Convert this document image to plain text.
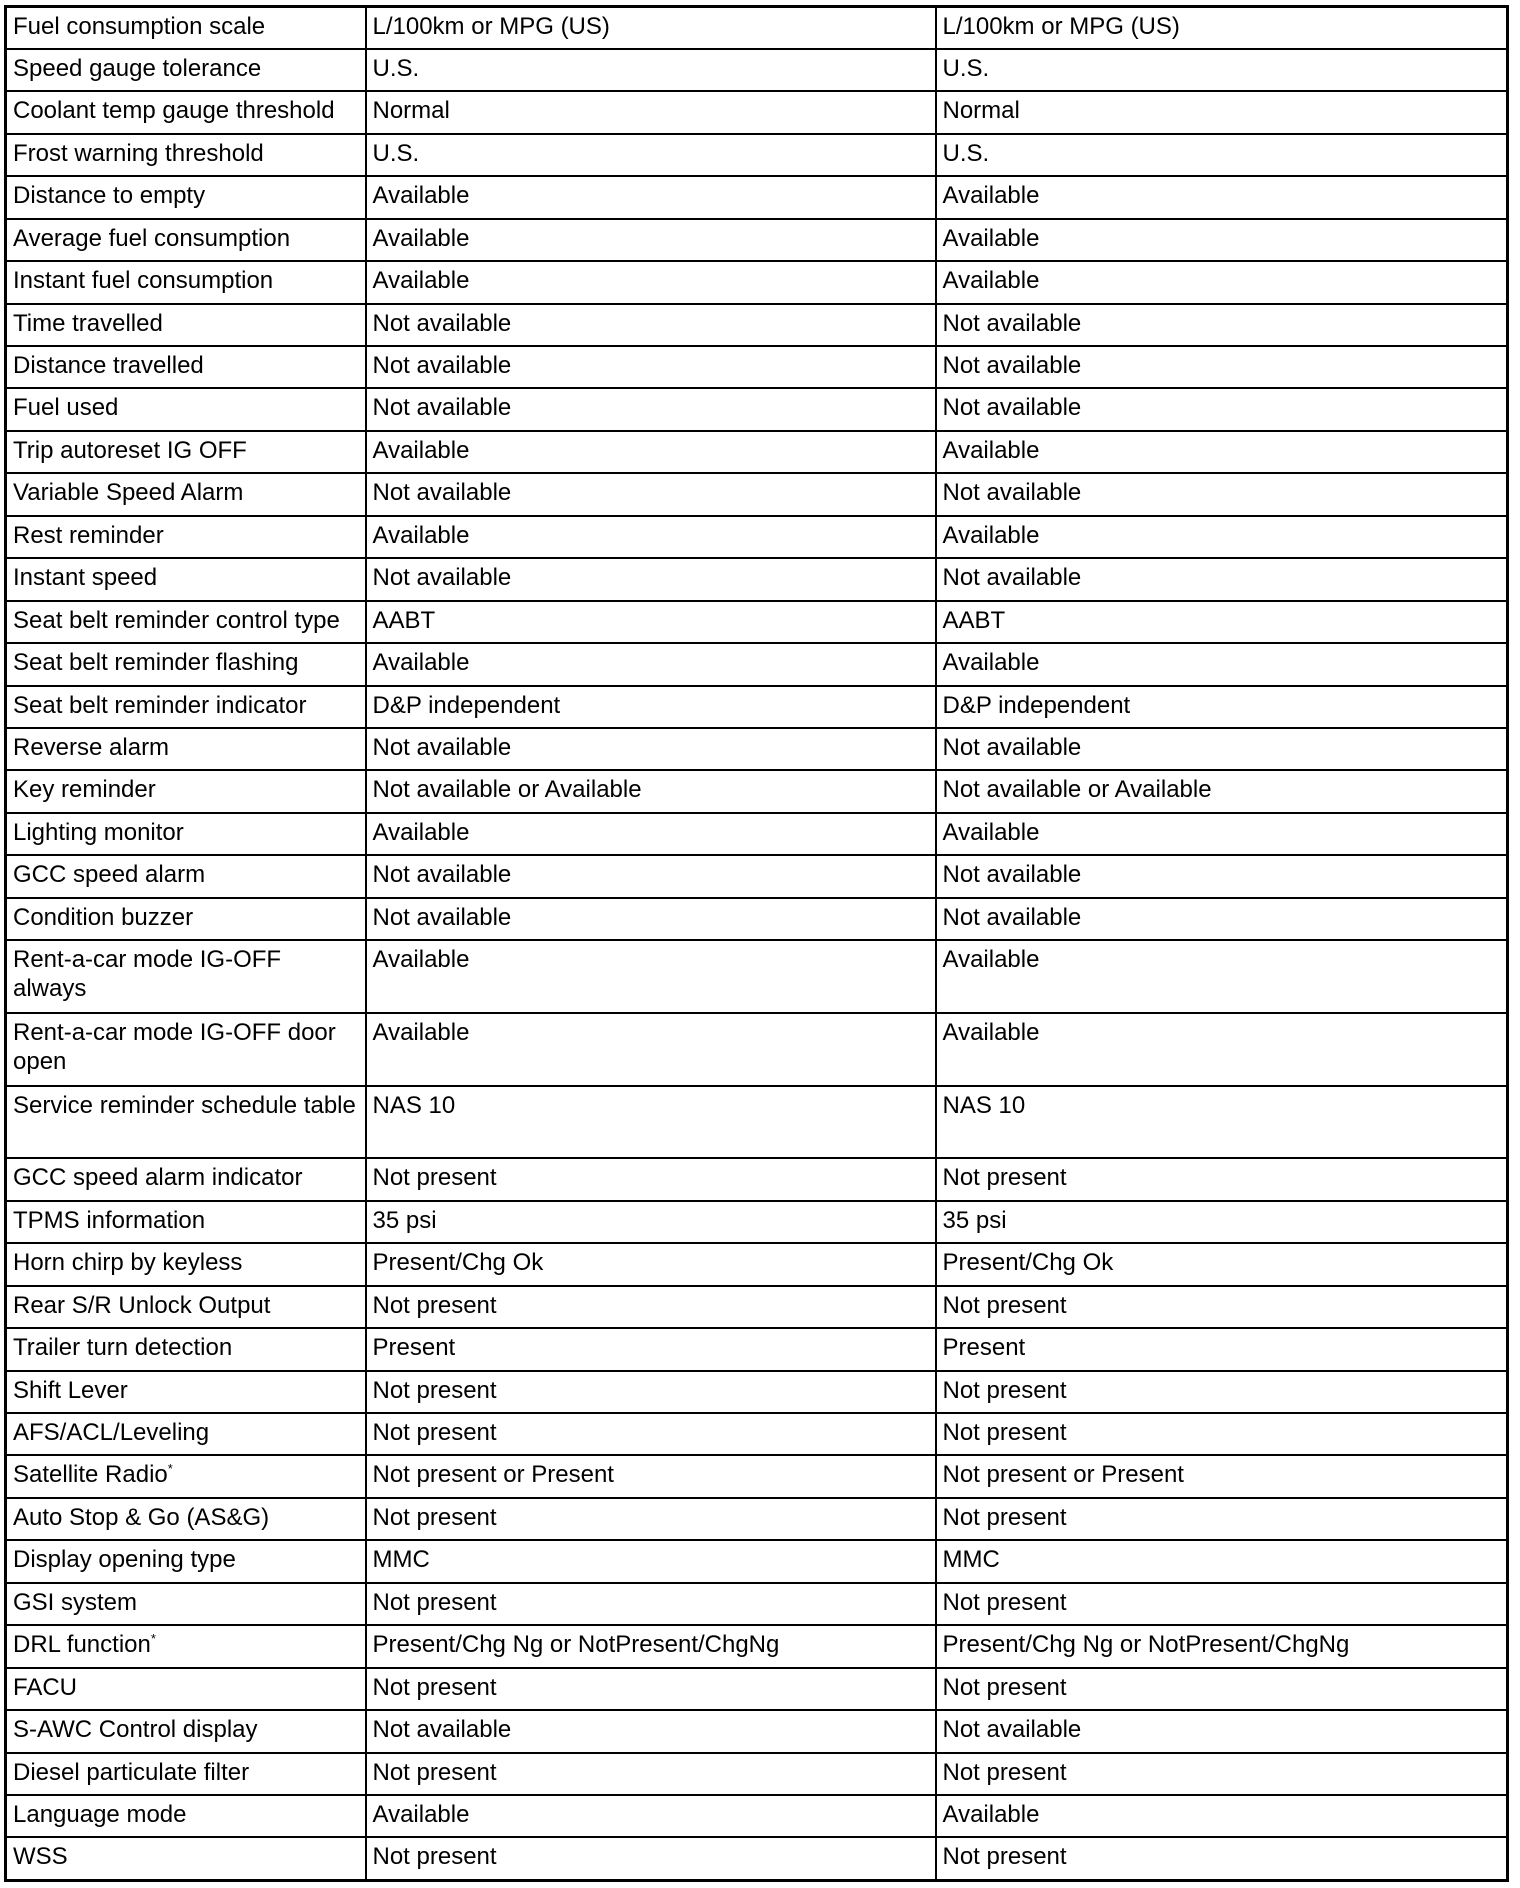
Fuel consumption scale	L/100km or MPG (US)	L/100km or MPG (US)
Speed gauge tolerance	U.S.	U.S.
Coolant temp gauge threshold	Normal	Normal
Frost warning threshold	U.S.	U.S.
Distance to empty	Available	Available
Average fuel consumption	Available	Available
Instant fuel consumption	Available	Available
Time travelled	Not available	Not available
Distance travelled	Not available	Not available
Fuel used	Not available	Not available
Trip autoreset IG OFF	Available	Available
Variable Speed Alarm	Not available	Not available
Rest reminder	Available	Available
Instant speed	Not available	Not available
Seat belt reminder control type	AABT	AABT
Seat belt reminder flashing	Available	Available
Seat belt reminder indicator	D&P independent	D&P independent
Reverse alarm	Not available	Not available
Key reminder	Not available or Available	Not available or Available
Lighting monitor	Available	Available
GCC speed alarm	Not available	Not available
Condition buzzer	Not available	Not available
Rent-a-car mode IG-OFF always	Available	Available
Rent-a-car mode IG-OFF door open	Available	Available
Service reminder schedule table	NAS 10	NAS 10
GCC speed alarm indicator	Not present	Not present
TPMS information	35 psi	35 psi
Horn chirp by keyless	Present/Chg Ok	Present/Chg Ok
Rear S/R Unlock Output	Not present	Not present
Trailer turn detection	Present	Present
Shift Lever	Not present	Not present
AFS/ACL/Leveling	Not present	Not present
Satellite Radio*	Not present or Present	Not present or Present
Auto Stop & Go (AS&G)	Not present	Not present
Display opening type	MMC	MMC
GSI system	Not present	Not present
DRL function*	Present/Chg Ng or NotPresent/ChgNg	Present/Chg Ng or NotPresent/ChgNg
FACU	Not present	Not present
S-AWC Control display	Not available	Not available
Diesel particulate filter	Not present	Not present
Language mode	Available	Available
WSS	Not present	Not present
